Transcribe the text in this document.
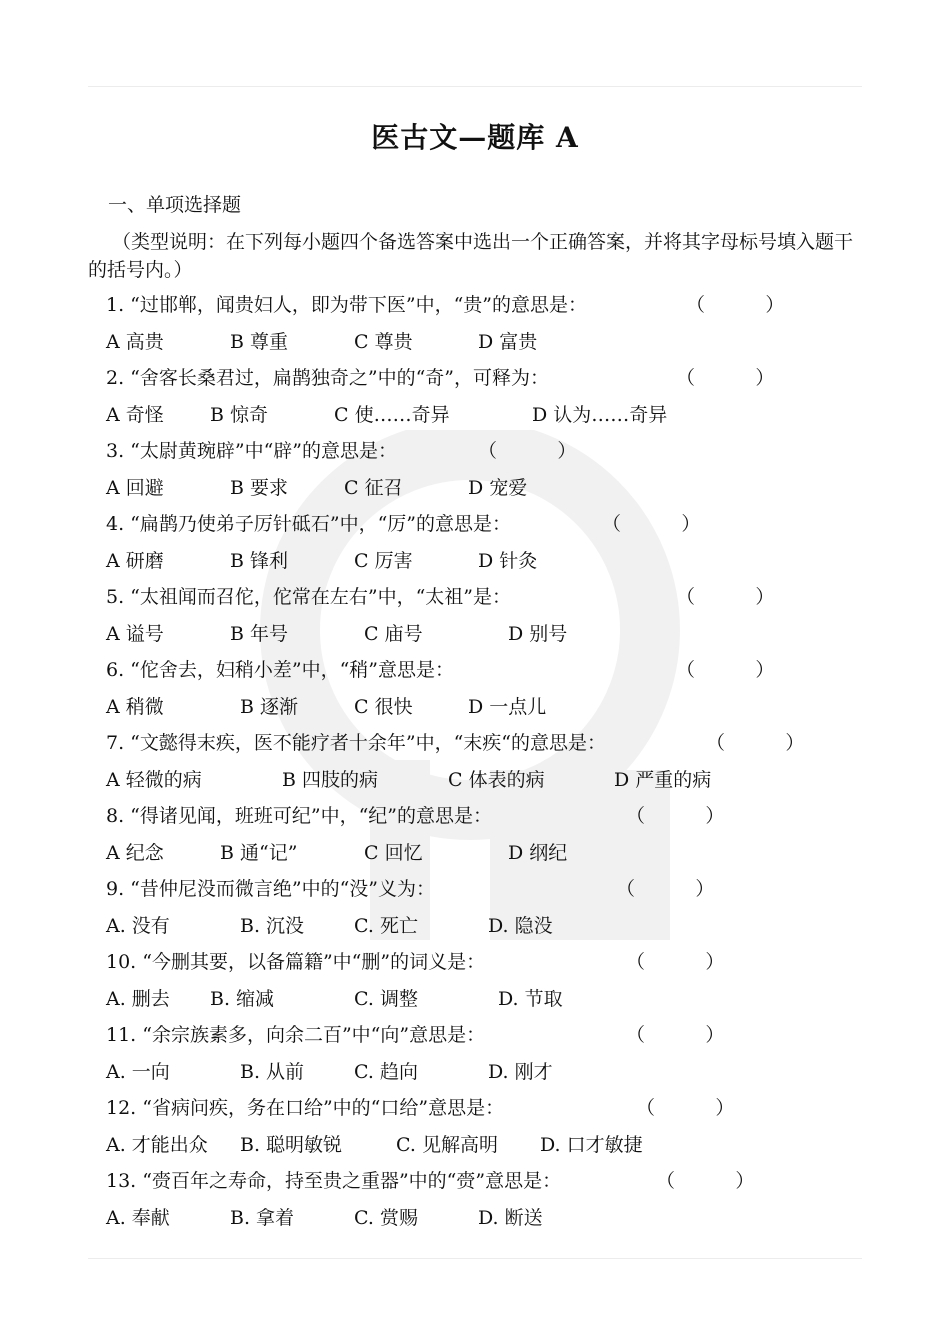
医古文—题库 A
一、单项选择题
（类型说明：在下列每小题四个备选答案中选出一个正确答案，并将其字母标号填入题干的括号内。）
1. “过邯郸，闻贵妇人，即为带下医”中，“贵”的意思是：	（          ）
A 高贵	B 尊重	C 尊贵	D 富贵
2. “舍客长桑君过，扁鹊独奇之”中的“奇”，可释为：	（          ）
A 奇怪 B 惊奇	C 使……奇异	D 认为……奇异
3. “太尉黄琬辟”中“辟”的意思是：	（          ）
A 回避	B 要求	C 征召	D 宠爱
4. “扁鹊乃使弟子厉针砥石”中，“厉”的意思是：	（          ）
A 研磨	B 锋利	C 厉害	D 针灸
5. “太祖闻而召佗，佗常在左右”中，“太祖”是：	（          ）
A 谥号	B 年号	C 庙号	D 别号
6. “佗舍去，妇稍小差”中，“稍”意思是：	（          ）
A 稍微	B 逐渐	C 很快	D 一点儿
7. “文懿得末疾，医不能疗者十余年”中，“末疾“的意思是：	（          ）
A 轻微的病	B 四肢的病	C 体表的病	D 严重的病
8. “得诸见闻，班班可纪”中，“纪”的意思是：	（          ）
A 纪念	B 通“记”	C 回忆	D 纲纪
9. “昔仲尼没而微言绝”中的“没”义为：	（          ）
A. 没有	B. 沉没	C. 死亡	D. 隐没
10. “今删其要，以备篇籍”中“删”的词义是：	（          ）
A. 删去 B. 缩减	C. 调整	D. 节取
11. “余宗族素多，向余二百”中“向”意思是：	（          ）
A. 一向	B. 从前	C. 趋向	D. 刚才
12. “省病问疾，务在口给”中的“口给”意思是：	（          ）
A. 才能出众 B. 聪明敏锐	C. 见解高明 D. 口才敏捷
13. “赍百年之寿命，持至贵之重器”中的“赍”意思是：	（          ）
A. 奉献	B. 拿着	C. 赏赐	D. 断送
